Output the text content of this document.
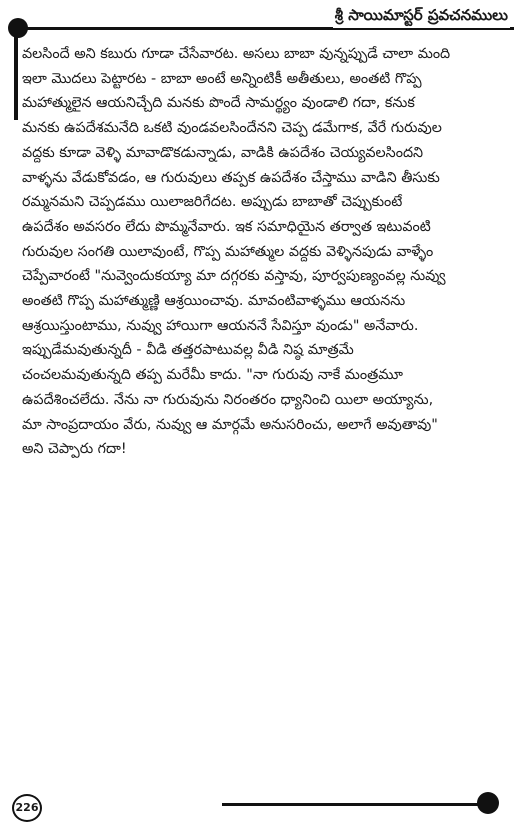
శ్రీ సాయిమాస్టర్ ప్రవచనములు
వలసిందే అని కబురు గూడా చేసేవారట. అసలు బాబా వున్నప్పుడే చాలా మంది
ఇలా మొదలు పెట్టారట - బాబా అంటే అన్నింటికీ అతీతులు, అంతటి గొప్ప
మహాత్ములైన ఆయనిచ్చేది మనకు పొందే సామర్థ్యం వుండాలి గదా, కనుక
మనకు ఉపదేశమనేది ఒకటి వుండవలసిందేనని చెప్ప డమేగాక, వేరే గురువుల
వద్దకు కూడా వెళ్ళి మావాడొకడున్నాడు, వాడికి ఉపదేశం చెయ్యవలసిందని
వాళ్ళను వేడుకోవడం, ఆ గురువులు తప్పక ఉపదేశం చేస్తాము వాడిని తీసుకు
రమ్మనమని చెప్పడము యిలాజరిగేదట. అప్పుడు బాబాతో చెప్పుకుంటే
ఉపదేశం అవసరం లేదు పొమ్మనేవారు. ఇక సమాధియైన తర్వాత ఇటువంటి
గురువుల సంగతి యిలావుంటే, గొప్ప మహాత్ముల వద్దకు వెళ్ళినపుడు వాళ్ళేం
చెప్పేవారంటే "నువ్వెందుకయ్యా మా దగ్గరకు వస్తావు, పూర్వపుణ్యంవల్ల నువ్వు
అంతటి గొప్ప మహాత్ముణ్ణి ఆశ్రయించావు. మావంటివాళ్ళము ఆయనను
ఆశ్రయిస్తుంటాము, నువ్వు హాయిగా ఆయననే సేవిస్తూ వుండు" అనేవారు.
ఇప్పుడేమవుతున్నదీ - వీడి తత్తరపాటువల్ల వీడి నిష్ఠ మాత్రమే
చంచలమవుతున్నది తప్ప మరేమీ కాదు. "నా గురువు నాకే మంత్రమూ
ఉపదేశించలేదు. నేను నా గురువును నిరంతరం ధ్యానించి యిలా అయ్యాను,
మా సాంప్రదాయం వేరు, నువ్వు ఆ మార్గమే అనుసరించు, అలాగే అవుతావు"
అని చెప్పారు గదా!
226
